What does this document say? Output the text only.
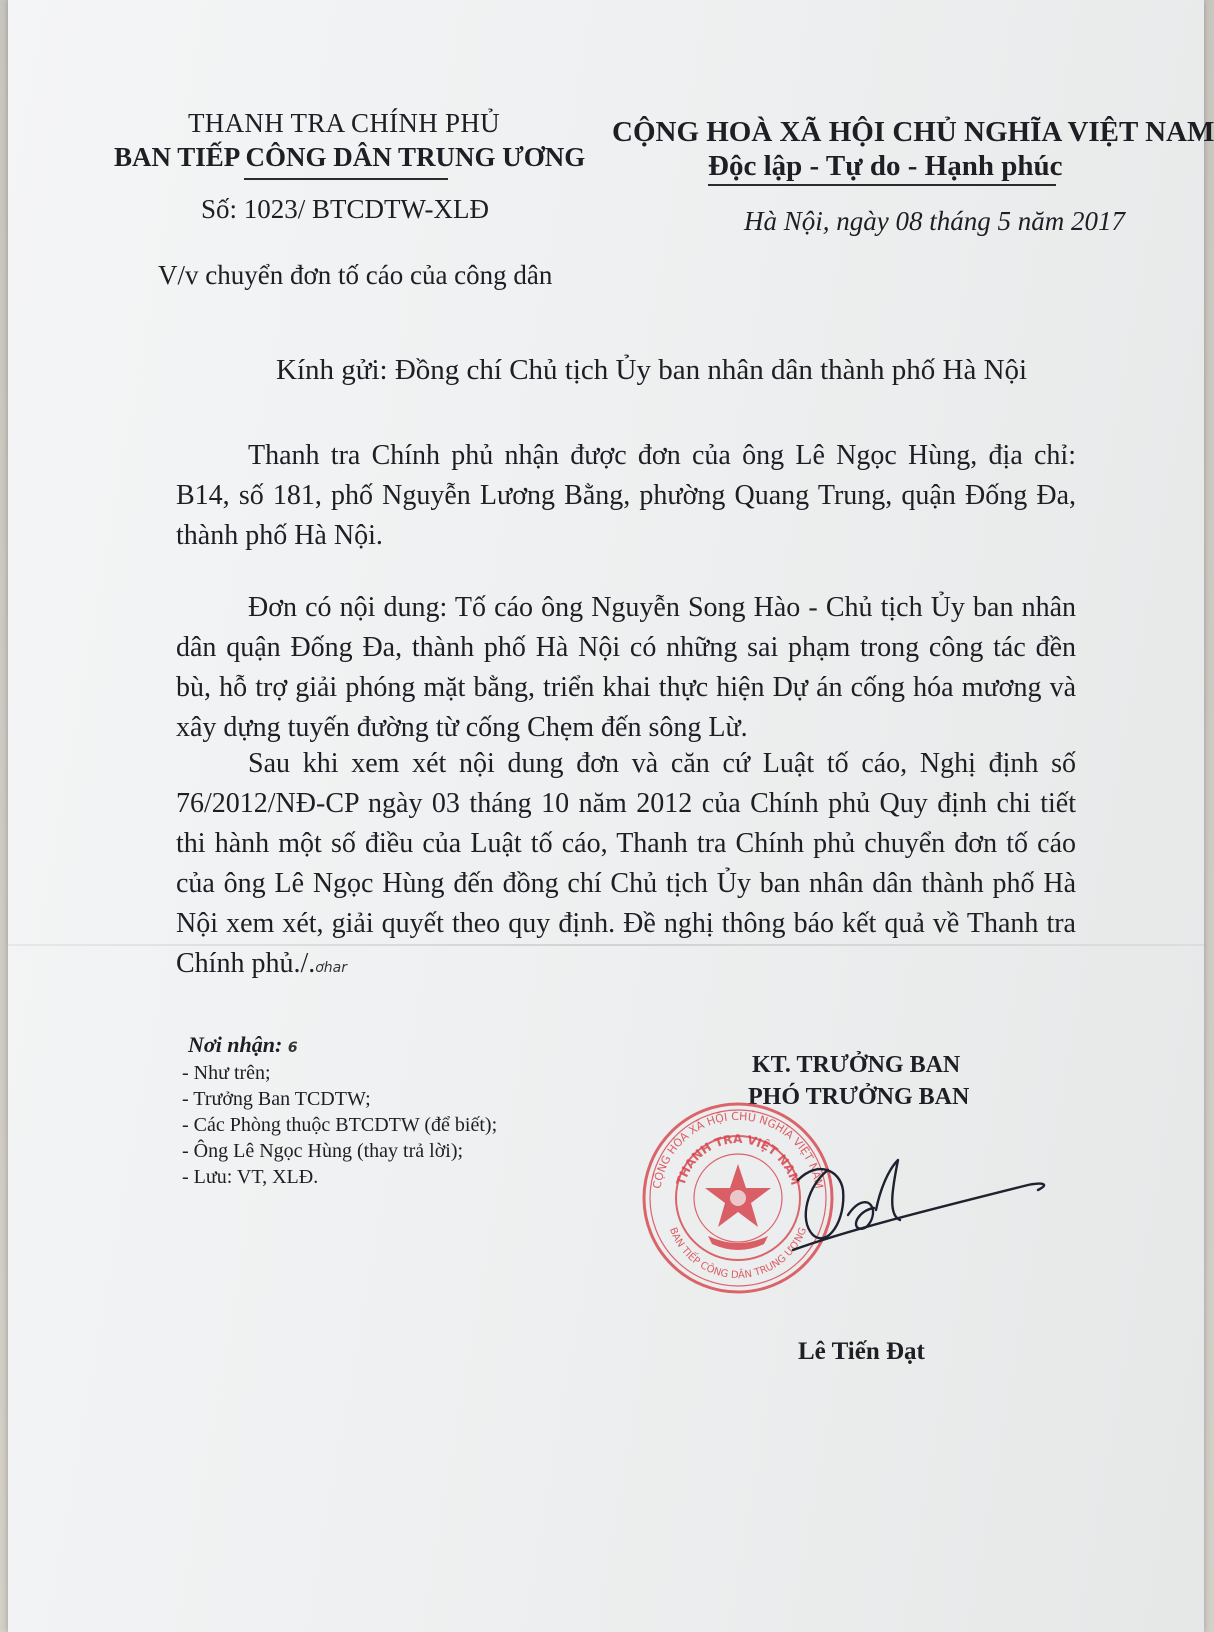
THANH TRA CHÍNH PHỦ
BAN TIẾP CÔNG DÂN TRUNG ƯƠNG
CỘNG HOÀ XÃ HỘI CHỦ NGHĨA VIỆT NAM
Độc lập - Tự do - Hạnh phúc
Số: 1023/ BTCDTW-XLĐ	Hà Nội, ngày 08 tháng 5 năm 2017
V/v chuyển đơn tố cáo của công dân
Kính gửi: Đồng chí Chủ tịch Ủy ban nhân dân thành phố Hà Nội

Thanh tra Chính phủ nhận được đơn của ông Lê Ngọc Hùng, địa chỉ: B14, số 181, phố Nguyễn Lương Bằng, phường Quang Trung, quận Đống Đa, thành phố Hà Nội.

Đơn có nội dung: Tố cáo ông Nguyễn Song Hào - Chủ tịch Ủy ban nhân dân quận Đống Đa, thành phố Hà Nội có những sai phạm trong công tác đền bù, hỗ trợ giải phóng mặt bằng, triển khai thực hiện Dự án cống hóa mương và xây dựng tuyến đường từ cống Chẹm đến sông Lừ.

Sau khi xem xét nội dung đơn và căn cứ Luật tố cáo, Nghị định số 76/2012/NĐ-CP ngày 03 tháng 10 năm 2012 của Chính phủ Quy định chi tiết thi hành một số điều của Luật tố cáo, Thanh tra Chính phủ chuyển đơn tố cáo của ông Lê Ngọc Hùng đến đồng chí Chủ tịch Ủy ban nhân dân thành phố Hà Nội xem xét, giải quyết theo quy định. Đề nghị thông báo kết quả về Thanh tra Chính phủ./.ơhar

Nơi nhận: 6
- Như trên;
- Trưởng Ban TCDTW;
- Các Phòng thuộc BTCDTW (để biết);
- Ông Lê Ngọc Hùng (thay trả lời);
- Lưu: VT, XLĐ.
KT. TRƯỞNG BAN
PHÓ TRƯỞNG BAN
CỘNG HÒA XÃ HỘI CHỦ NGHĨA VIỆT NAM
THANH TRA VIỆT NAM
BAN TIẾP CÔNG DÂN TRUNG ƯƠNG
Lê Tiến Đạt
